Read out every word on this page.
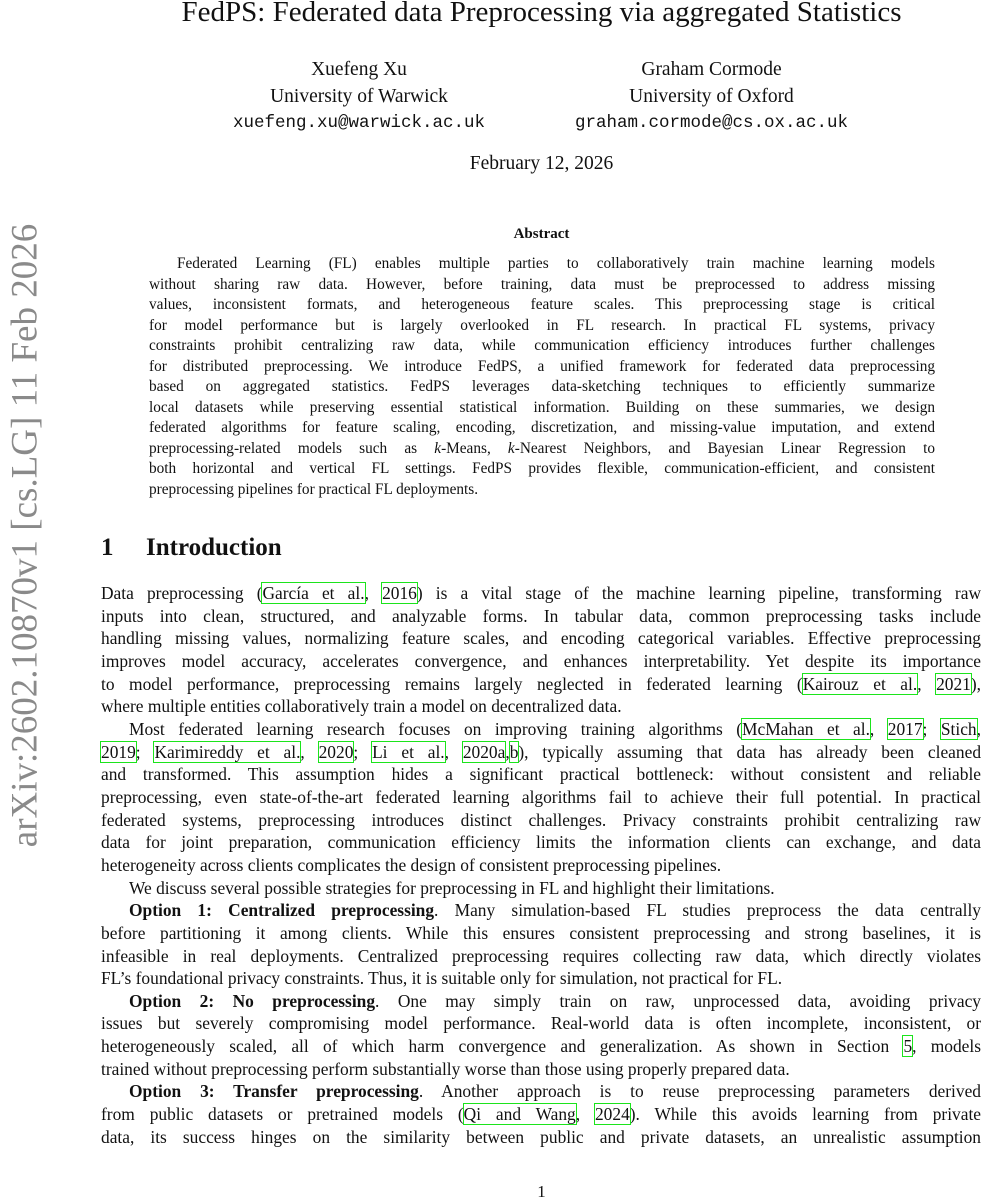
arXiv:2602.10870v1 [cs.LG] 11 Feb 2026
FedPS: Federated data Preprocessing via aggregated Statistics
Xuefeng Xu
University of Warwick
xuefeng.xu@warwick.ac.uk
Graham Cormode
University of Oxford
graham.cormode@cs.ox.ac.uk
February 12, 2026
Abstract
Federated Learning (FL) enables multiple parties to collaboratively train machine learning models
without sharing raw data. However, before training, data must be preprocessed to address missing
values, inconsistent formats, and heterogeneous feature scales. This preprocessing stage is critical
for model performance but is largely overlooked in FL research. In practical FL systems, privacy
constraints prohibit centralizing raw data, while communication efficiency introduces further challenges
for distributed preprocessing. We introduce FedPS, a unified framework for federated data preprocessing
based on aggregated statistics. FedPS leverages data-sketching techniques to efficiently summarize
local datasets while preserving essential statistical information. Building on these summaries, we design
federated algorithms for feature scaling, encoding, discretization, and missing-value imputation, and extend
preprocessing-related models such as k-Means, k-Nearest Neighbors, and Bayesian Linear Regression to
both horizontal and vertical FL settings. FedPS provides flexible, communication-efficient, and consistent
preprocessing pipelines for practical FL deployments.
1 Introduction
Data preprocessing (García et al., 2016) is a vital stage of the machine learning pipeline, transforming raw
inputs into clean, structured, and analyzable forms. In tabular data, common preprocessing tasks include
handling missing values, normalizing feature scales, and encoding categorical variables. Effective preprocessing
improves model accuracy, accelerates convergence, and enhances interpretability. Yet despite its importance
to model performance, preprocessing remains largely neglected in federated learning (Kairouz et al., 2021),
where multiple entities collaboratively train a model on decentralized data.
Most federated learning research focuses on improving training algorithms (McMahan et al., 2017; Stich,
2019; Karimireddy et al., 2020; Li et al., 2020a,b), typically assuming that data has already been cleaned
and transformed. This assumption hides a significant practical bottleneck: without consistent and reliable
preprocessing, even state-of-the-art federated learning algorithms fail to achieve their full potential. In practical
federated systems, preprocessing introduces distinct challenges. Privacy constraints prohibit centralizing raw
data for joint preparation, communication efficiency limits the information clients can exchange, and data
heterogeneity across clients complicates the design of consistent preprocessing pipelines.
We discuss several possible strategies for preprocessing in FL and highlight their limitations.
Option 1: Centralized preprocessing. Many simulation-based FL studies preprocess the data centrally
before partitioning it among clients. While this ensures consistent preprocessing and strong baselines, it is
infeasible in real deployments. Centralized preprocessing requires collecting raw data, which directly violates
FL’s foundational privacy constraints. Thus, it is suitable only for simulation, not practical for FL.
Option 2: No preprocessing. One may simply train on raw, unprocessed data, avoiding privacy
issues but severely compromising model performance. Real-world data is often incomplete, inconsistent, or
heterogeneously scaled, all of which harm convergence and generalization. As shown in Section 5, models
trained without preprocessing perform substantially worse than those using properly prepared data.
Option 3: Transfer preprocessing. Another approach is to reuse preprocessing parameters derived
from public datasets or pretrained models (Qi and Wang, 2024). While this avoids learning from private
data, its success hinges on the similarity between public and private datasets, an unrealistic assumption
1
